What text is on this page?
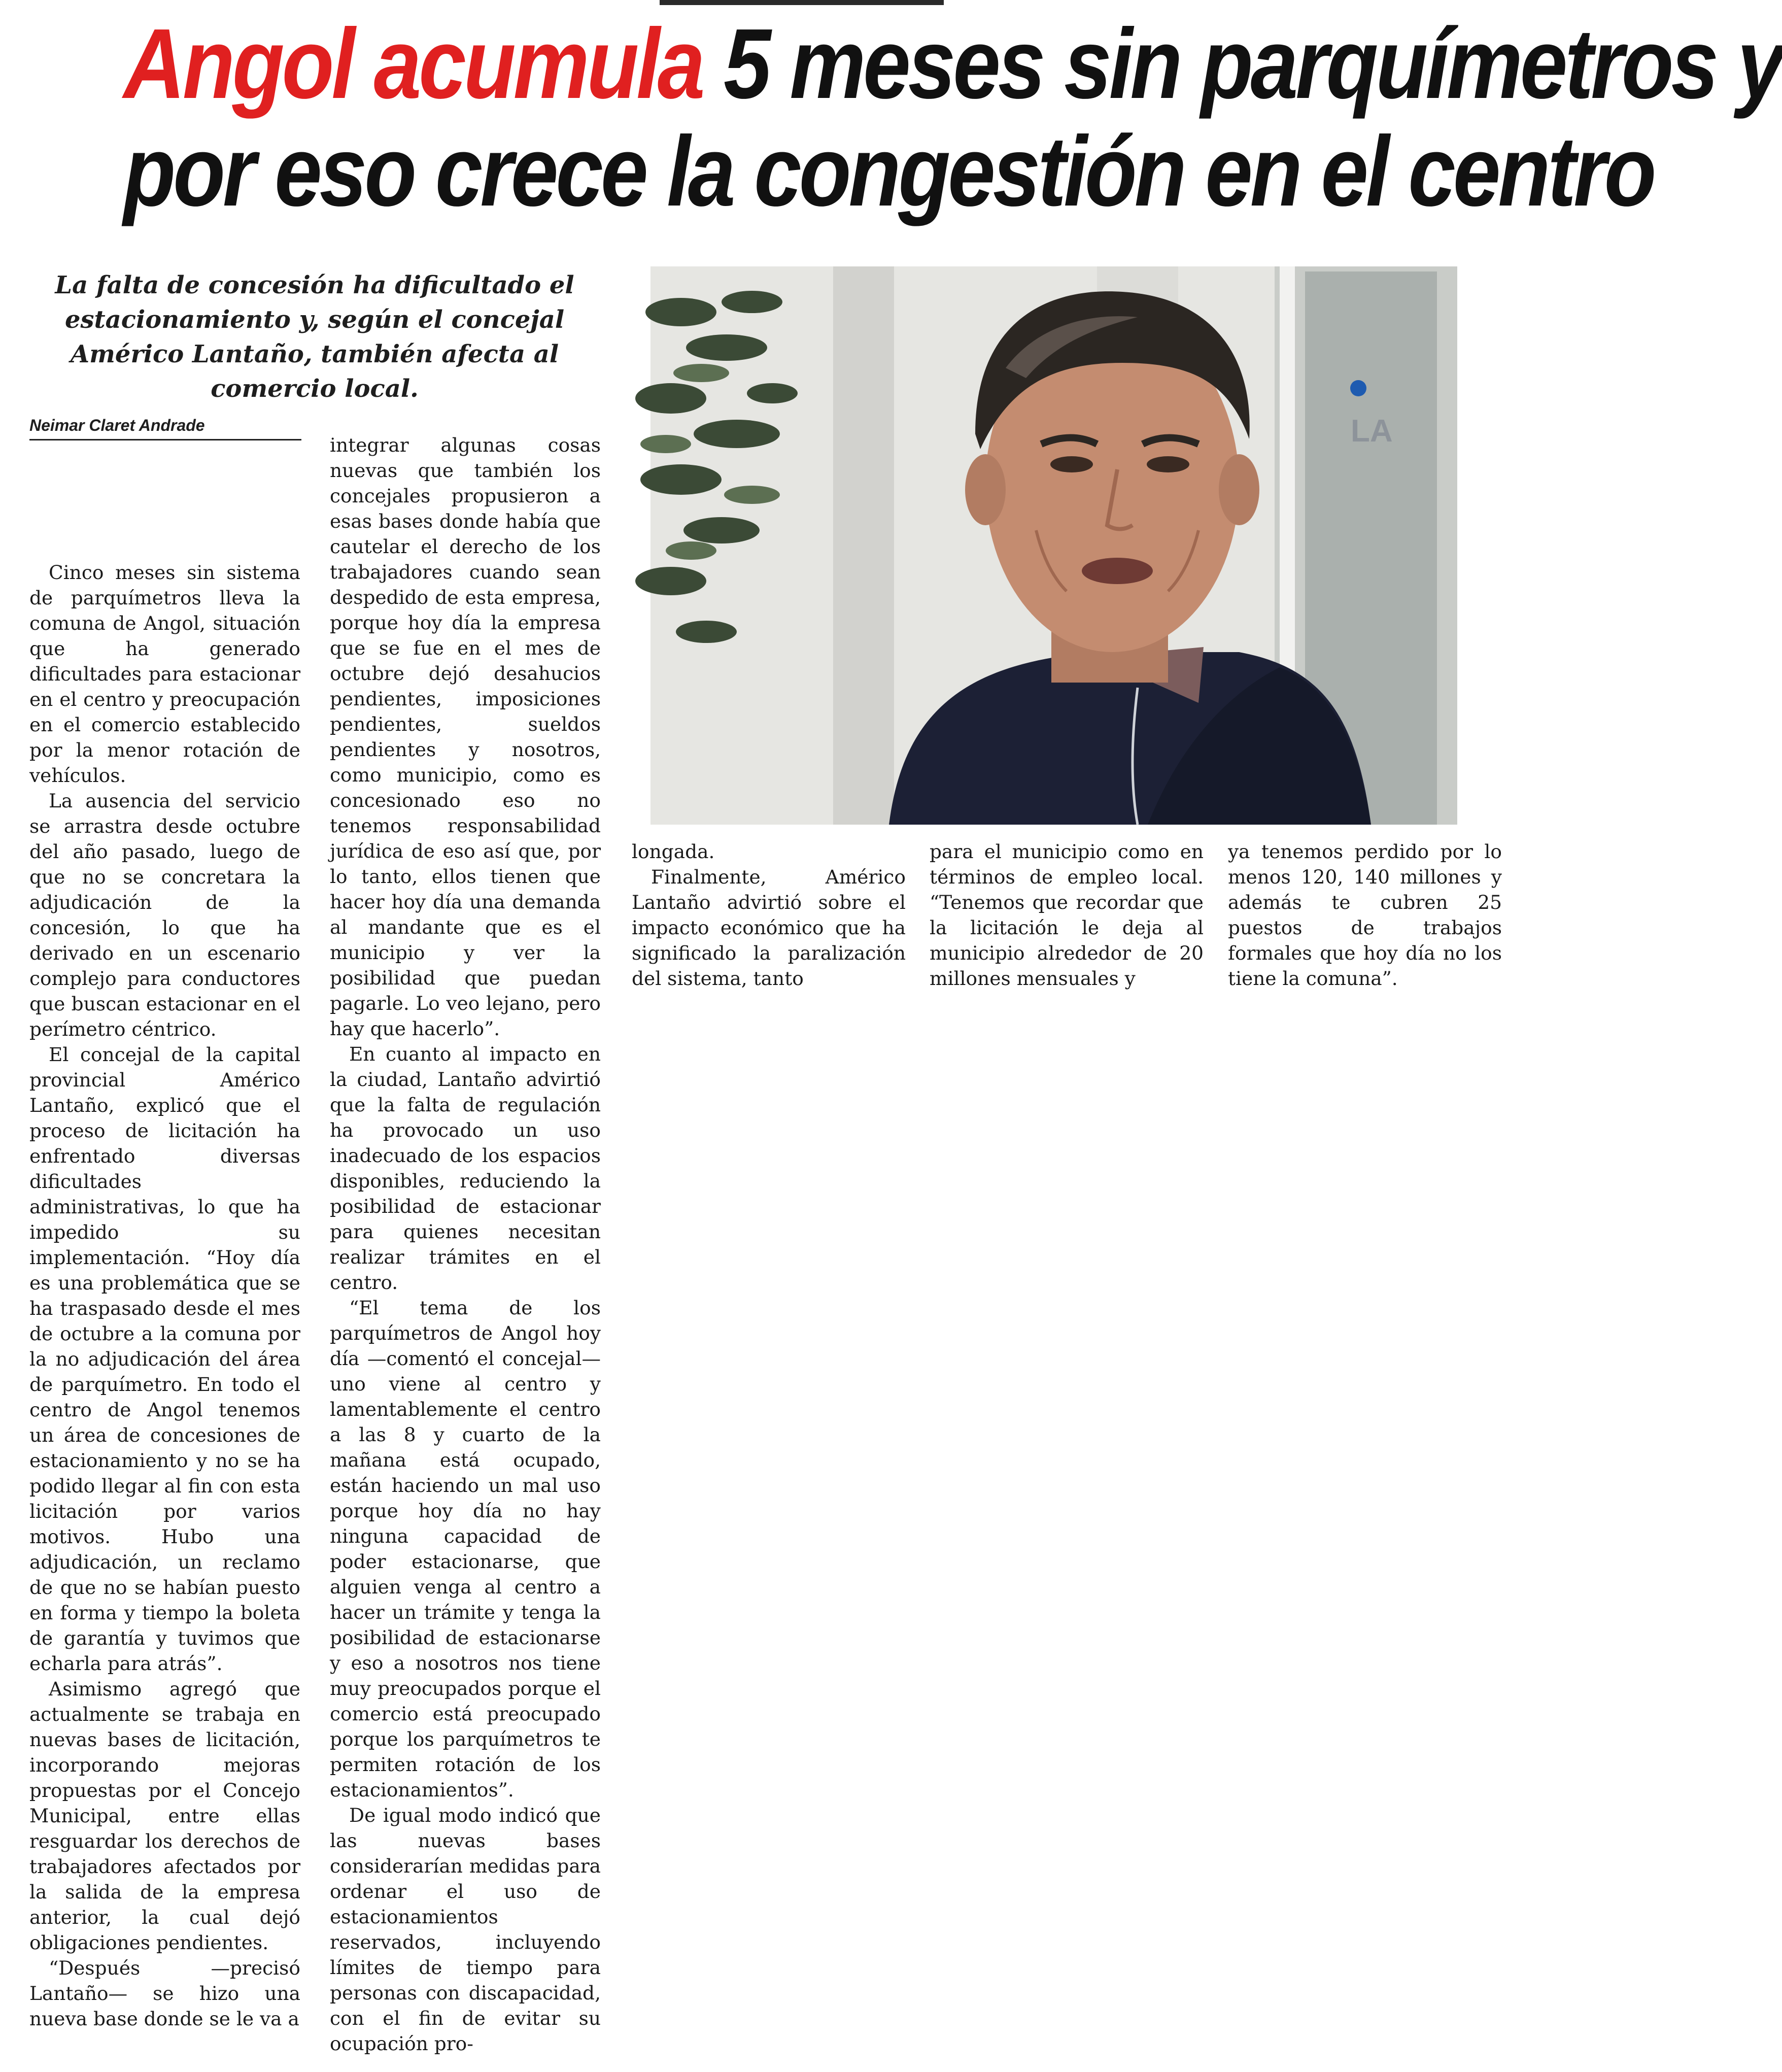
Angol acumula 5 meses sin parquímetros y
por eso crece la congestión en el centro

La falta de concesión ha dificultado el estacionamiento y, según el concejal Américo Lantaño, también afecta al comercio local.

Neimar Claret Andrade	LA

Cinco meses sin sistema de parquímetros lleva la comuna de Angol, situación que ha generado dificultades para estacionar en el centro y preocupación en el comercio establecido por la menor rotación de vehículos.

La ausencia del servicio se arrastra desde octubre del año pasado, luego de que no se concretara la adjudicación de la concesión, lo que ha derivado en un escenario complejo para conductores que buscan estacionar en el perímetro céntrico.

El concejal de la capital provincial Américo Lantaño, explicó que el proceso de licitación ha enfrentado diversas dificultades administrativas, lo que ha impedido su implementación. “Hoy día es una problemática que se ha traspasado desde el mes de octubre a la comuna por la no adjudicación del área de parquímetro. En todo el centro de Angol tenemos un área de concesiones de estacionamiento y no se ha podido llegar al fin con esta licitación por varios motivos. Hubo una adjudicación, un reclamo de que no se habían puesto en forma y tiempo la boleta de garantía y tuvimos que echarla para atrás”.

Asimismo agregó que actualmente se trabaja en nuevas bases de licitación, incorporando mejoras propuestas por el Concejo Municipal, entre ellas resguardar los derechos de trabajadores afectados por la salida de la empresa anterior, la cual dejó obligaciones pendientes.

“Después —precisó Lantaño— se hizo una nueva base donde se le va a

integrar algunas cosas nuevas que también los concejales propusieron a esas bases donde había que cautelar el derecho de los trabajadores cuando sean despedido de esta empresa, porque hoy día la empresa que se fue en el mes de octubre dejó desahucios pendientes, imposiciones pendientes, sueldos pendientes y nosotros, como municipio, como es concesionado eso no tenemos responsabilidad jurídica de eso así que, por lo tanto, ellos tienen que hacer hoy día una demanda al mandante que es el municipio y ver la posibilidad que puedan pagarle. Lo veo lejano, pero hay que hacerlo”.

En cuanto al impacto en la ciudad, Lantaño advirtió que la falta de regulación ha provocado un uso inadecuado de los espacios disponibles, reduciendo la posibilidad de estacionar para quienes necesitan realizar trámites en el centro.

“El tema de los parquímetros de Angol hoy día —comentó el concejal— uno viene al centro y lamentablemente el centro a las 8 y cuarto de la mañana está ocupado, están haciendo un mal uso porque hoy día no hay ninguna capacidad de poder estacionarse, que alguien venga al centro a hacer un trámite y tenga la posibilidad de estacionarse y eso a nosotros nos tiene muy preocupados porque el comercio está preocupado porque los parquímetros te permiten rotación de los estacionamientos”.

De igual modo indicó que las nuevas bases considerarían medidas para ordenar el uso de estacionamientos reservados, incluyendo límites de tiempo para personas con discapacidad, con el fin de evitar su ocupación pro-

longada.

Finalmente, Américo Lantaño advirtió sobre el impacto económico que ha significado la paralización del sistema, tanto

para el municipio como en términos de empleo local. “Tenemos que recordar que la licitación le deja al municipio alrededor de 20 millones mensuales y

ya tenemos perdido por lo menos 120, 140 millones y además te cubren 25 puestos de trabajos formales que hoy día no los tiene la comuna”.
